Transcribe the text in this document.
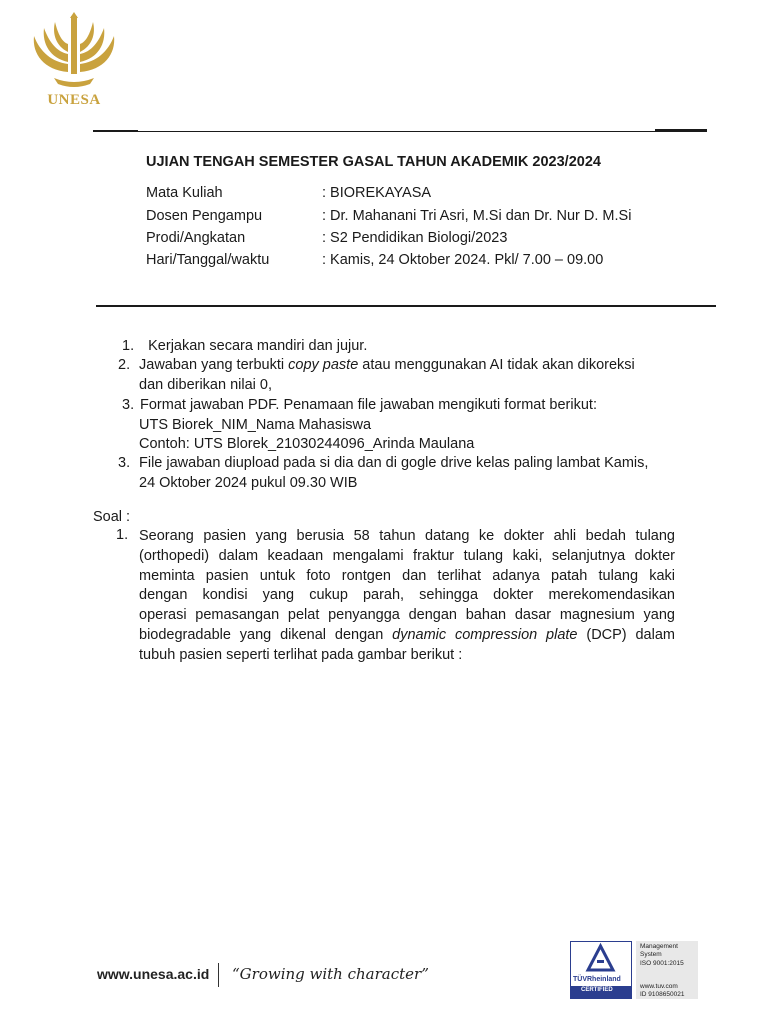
UNESA
UJIAN TENGAH SEMESTER GASAL TAHUN AKADEMIK 2023/2024
Mata Kuliah	: BIOREKAYASA
Dosen Pengampu	: Dr. Mahanani Tri Asri, M.Si dan Dr. Nur D. M.Si
Prodi/Angkatan	: S2 Pendidikan Biologi/2023
Hari/Tanggal/waktu	: Kamis, 24 Oktober 2024. Pkl/ 7.00 – 09.00
1. Kerjakan secara mandiri dan jujur.
2. Jawaban yang terbukti copy paste atau menggunakan AI tidak akan dikoreksi
dan diberikan nilai 0,
3. Format jawaban PDF. Penamaan file jawaban mengikuti format berikut:
UTS Biorek_NIM_Nama Mahasiswa
Contoh: UTS Blorek_21030244096_Arinda Maulana
3. File jawaban diupload pada si dia dan di gogle drive kelas paling lambat Kamis,
24 Oktober 2024 pukul 09.30 WIB
Soal :
1. Seorang pasien yang berusia 58 tahun datang ke dokter ahli bedah tulang
(orthopedi) dalam keadaan mengalami fraktur tulang kaki, selanjutnya dokter
meminta pasien untuk foto rontgen dan terlihat adanya patah tulang kaki
dengan kondisi yang cukup parah, sehingga dokter merekomendasikan
operasi pemasangan pelat penyangga dengan bahan dasar magnesium yang
biodegradable yang dikenal dengan dynamic compression plate (DCP) dalam
tubuh pasien seperti terlihat pada gambar berikut :
www.unesa.ac.id “Growing with character”	TÜVRheinland
CERTIFIED
Management
System
ISO 9001:2015
www.tuv.com
ID 9108650021
